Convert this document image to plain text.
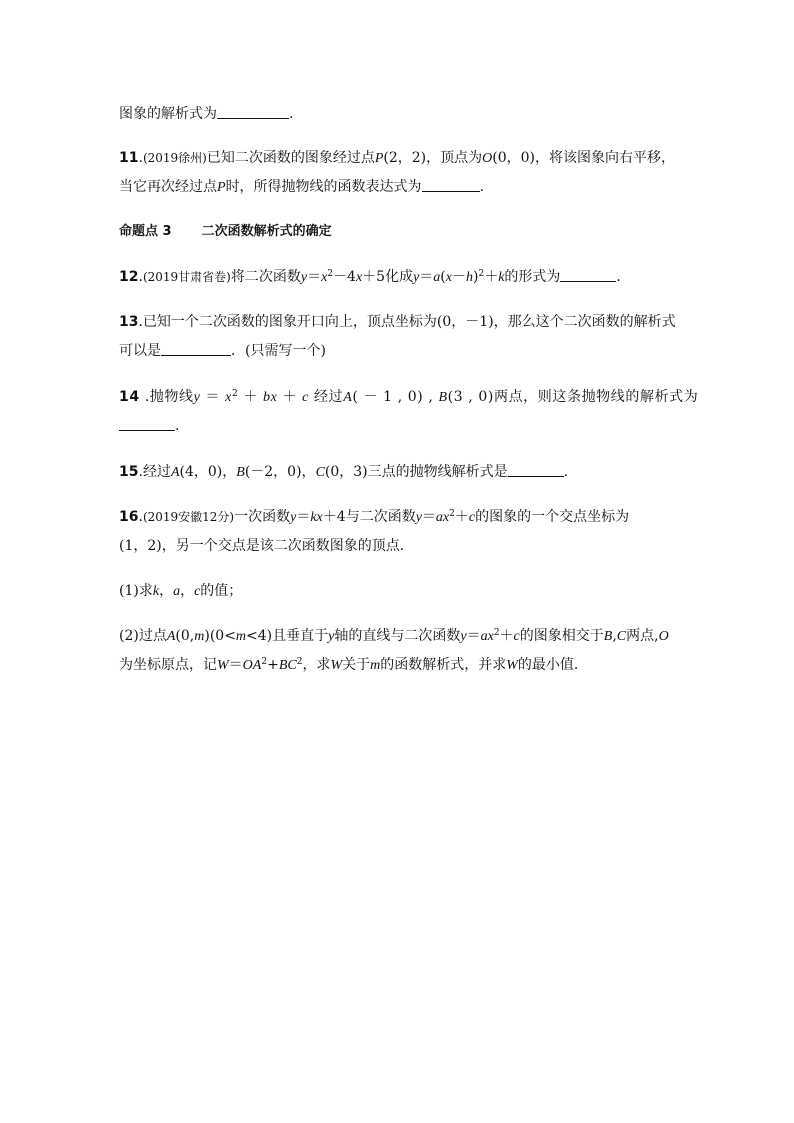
图象的解析式为	.
11.(2019徐州)已知二次函数的图象经过点P(2，2)，顶点为O(0，0)，将该图象向右平移，
当它再次经过点P时，所得抛物线的函数表达式为	.
命题点 3 二次函数解析式的确定
12.(2019甘肃省卷)将二次函数$y=x^2-4x+5$化成$y=a(x-h)^2+k$的形式为	.
13.已知一个二次函数的图象开口向上，顶点坐标为(0，－1)，那么这个二次函数的解析式
可以是	．(只需写一个)
14 .抛物线$y = x^2$ ＋ bx ＋ c 经过A( － 1 , 0) , B(3 , 0)两点，则这条抛物线的解析式为
.
15.经过A(4，0)，B(－2，0)，C(0，3)三点的抛物线解析式是	.
16.(2019安徽12分)一次函数y＝kx＋4与二次函数$y=ax^2+c$的图象的一个交点坐标为
(1，2)，另一个交点是该二次函数图象的顶点．
(1)求k，a，c的值；
(2)过点A(0,m)(0<m<4)且垂直于y轴的直线与二次函数$y=ax^2+c$的图象相交于B,C两点,O
为坐标原点，记$W=OA^2+BC^2$，求W关于m的函数解析式，并求W的最小值．
